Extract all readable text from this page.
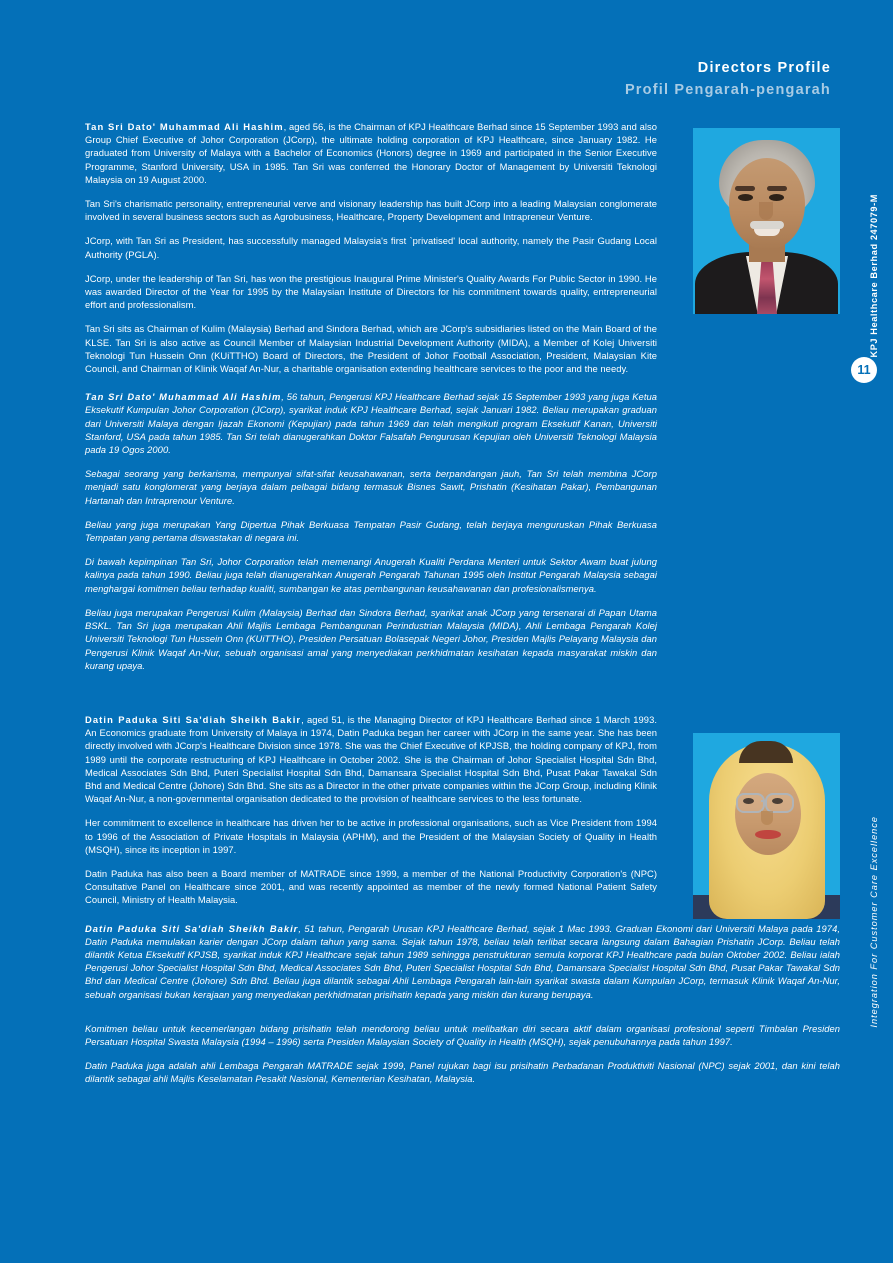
Directors Profile
Profil Pengarah-pengarah

Tan Sri Dato' Muhammad Ali Hashim, aged 56, is the Chairman of KPJ Healthcare Berhad since 15 September 1993 and also Group Chief Executive of Johor Corporation (JCorp), the ultimate holding corporation of KPJ Healthcare, since January 1982. He graduated from University of Malaya with a Bachelor of Economics (Honors) degree in 1969 and participated in the Senior Executive Programme, Stanford University, USA in 1985. Tan Sri was conferred the Honorary Doctor of Management by Universiti Teknologi Malaysia on 19 August 2000.

Tan Sri's charismatic personality, entrepreneurial verve and visionary leadership has built JCorp into a leading Malaysian conglomerate involved in several business sectors such as Agrobusiness, Healthcare, Property Development and Intrapreneur Venture.

JCorp, with Tan Sri as President, has successfully managed Malaysia's first `privatised' local authority, namely the Pasir Gudang Local Authority (PGLA).

JCorp, under the leadership of Tan Sri, has won the prestigious Inaugural Prime Minister's Quality Awards For Public Sector in 1990. He was awarded Director of the Year for 1995 by the Malaysian Institute of Directors for his commitment towards quality, entrepreneurial effort and professionalism.

Tan Sri sits as Chairman of Kulim (Malaysia) Berhad and Sindora Berhad, which are JCorp's subsidiaries listed on the Main Board of the KLSE. Tan Sri is also active as Council Member of Malaysian Industrial Development Authority (MIDA), a Member of Kolej Universiti Teknologi Tun Hussein Onn (KUiTTHO) Board of Directors, the President of Johor Football Association, President, Malaysian Kite Council, and Chairman of Klinik Waqaf An-Nur, a charitable organisation extending healthcare services to the poor and the needy.

Tan Sri Dato' Muhammad Ali Hashim, 56 tahun, Pengerusi KPJ Healthcare Berhad sejak 15 September 1993 yang juga Ketua Eksekutif Kumpulan Johor Corporation (JCorp), syarikat induk KPJ Healthcare Berhad, sejak Januari 1982. Beliau merupakan graduan dari Universiti Malaya dengan Ijazah Ekonomi (Kepujian) pada tahun 1969 dan telah mengikuti program Eksekutif Kanan, Universiti Stanford, USA pada tahun 1985. Tan Sri telah dianugerahkan Doktor Falsafah Pengurusan Kepujian oleh Universiti Teknologi Malaysia pada 19 Ogos 2000.

Sebagai seorang yang berkarisma, mempunyai sifat-sifat keusahawanan, serta berpandangan jauh, Tan Sri telah membina JCorp menjadi satu konglomerat yang berjaya dalam pelbagai bidang termasuk Bisnes Sawit, Prishatin (Kesihatan Pakar), Pembangunan Hartanah dan Intraprenour Venture.

Beliau yang juga merupakan Yang Dipertua Pihak Berkuasa Tempatan Pasir Gudang, telah berjaya menguruskan Pihak Berkuasa Tempatan yang pertama diswastakan di negara ini.

Di bawah kepimpinan Tan Sri, Johor Corporation telah memenangi Anugerah Kualiti Perdana Menteri untuk Sektor Awam buat julung kalinya pada tahun 1990. Beliau juga telah dianugerahkan Anugerah Pengarah Tahunan 1995 oleh Institut Pengarah Malaysia sebagai menghargai komitmen beliau terhadap kualiti, sumbangan ke atas pembangunan keusahawanan dan profesionalismenya.

Beliau juga merupakan Pengerusi Kulim (Malaysia) Berhad dan Sindora Berhad, syarikat anak JCorp yang tersenarai di Papan Utama BSKL. Tan Sri juga merupakan Ahli Majlis Lembaga Pembangunan Perindustrian Malaysia (MIDA), Ahli Lembaga Pengarah Kolej Universiti Teknologi Tun Hussein Onn (KUiTTHO), Presiden Persatuan Bolasepak Negeri Johor, Presiden Majlis Pelayang Malaysia dan Pengerusi Klinik Waqaf An-Nur, sebuah organisasi amal yang menyediakan perkhidmatan kesihatan kepada masyarakat miskin dan kurang upaya.

Datin Paduka Siti Sa'diah Sheikh Bakir, aged 51, is the Managing Director of KPJ Healthcare Berhad since 1 March 1993. An Economics graduate from University of Malaya in 1974, Datin Paduka began her career with JCorp in the same year. She has been directly involved with JCorp's Healthcare Division since 1978. She was the Chief Executive of KPJSB, the holding company of KPJ, from 1989 until the corporate restructuring of KPJ Healthcare in October 2002. She is the Chairman of Johor Specialist Hospital Sdn Bhd, Medical Associates Sdn Bhd, Puteri Specialist Hospital Sdn Bhd, Damansara Specialist Hospital Sdn Bhd, Pusat Pakar Tawakal Sdn Bhd and Medical Centre (Johore) Sdn Bhd. She sits as a Director in the other private companies within the JCorp Group, including Klinik Waqaf An-Nur, a non-governmental organisation dedicated to the provision of healthcare services to the less fortunate.

Her commitment to excellence in healthcare has driven her to be active in professional organisations, such as Vice President from 1994 to 1996 of the Association of Private Hospitals in Malaysia (APHM), and the President of the Malaysian Society of Quality in Health (MSQH), since its inception in 1997.

Datin Paduka has also been a Board member of MATRADE since 1999, a member of the National Productivity Corporation's (NPC) Consultative Panel on Healthcare since 2001, and was recently appointed as member of the newly formed National Patient Safety Council, Ministry of Health Malaysia.

Datin Paduka Siti Sa'diah Sheikh Bakir, 51 tahun, Pengarah Urusan KPJ Healthcare Berhad, sejak 1 Mac 1993. Graduan Ekonomi dari Universiti Malaya pada 1974, Datin Paduka memulakan karier dengan JCorp dalam tahun yang sama. Sejak tahun 1978, beliau telah terlibat secara langsung dalam Bahagian Prishatin JCorp. Beliau telah dilantik Ketua Eksekutif KPJSB, syarikat induk KPJ Healthcare sejak tahun 1989 sehingga penstrukturan semula korporat KPJ Healthcare pada bulan Oktober 2002. Beliau ialah Pengerusi Johor Specialist Hospital Sdn Bhd, Medical Associates Sdn Bhd, Puteri Specialist Hospital Sdn Bhd, Damansara Specialist Hospital Sdn Bhd, Pusat Pakar Tawakal Sdn Bhd dan Medical Centre (Johore) Sdn Bhd. Beliau juga dilantik sebagai Ahli Lembaga Pengarah lain-lain syarikat swasta dalam Kumpulan JCorp, termasuk Klinik Waqaf An-Nur, sebuah organisasi bukan kerajaan yang menyediakan perkhidmatan prisihatin kepada yang miskin dan kurang berupaya.

Komitmen beliau untuk kecemerlangan bidang prisihatin telah mendorong beliau untuk melibatkan diri secara aktif dalam organisasi profesional seperti Timbalan Presiden Persatuan Hospital Swasta Malaysia (1994 – 1996) serta Presiden Malaysian Society of Quality in Health (MSQH), sejak penubuhannya pada tahun 1997.

Datin Paduka juga adalah ahli Lembaga Pengarah MATRADE sejak 1999, Panel rujukan bagi isu prisihatin Perbadanan Produktiviti Nasional (NPC) sejak 2001, dan kini telah dilantik sebagai ahli Majlis Keselamatan Pesakit Nasional, Kementerian Kesihatan, Malaysia.

KPJ Healthcare Berhad 247079-M
11
Integration For Customer Care Excellence
